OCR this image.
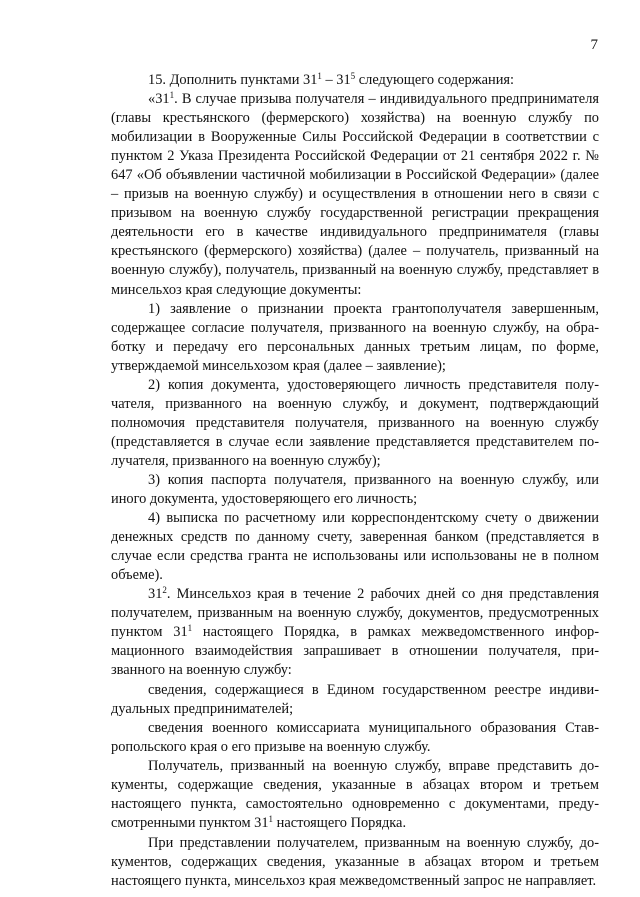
7

15. Дополнить пунктами $31^1 - 31^5$ следующего содержания:

«$31^1$. В случае призыва получателя – индивидуального предпринимателя (главы крестьянского (фермерского) хозяйства) на военную службу по мобилизации в Вооруженные Силы Российской Федерации в соответствии с пунктом 2 Указа Президента Российской Федерации от 21 сентября 2022 г. № 647 «Об объявлении частичной мобилизации в Российской Федерации» (далее – призыв на военную службу) и осуществления в отношении него в связи с призывом на военную службу государственной регистрации прекращения деятельности его в качестве индивидуального предпринимателя (главы крестьянского (фермерского) хозяйства) (далее – получатель, призванный на военную службу), получатель, призванный на военную службу, представляет в минсельхоз края следующие документы:

1) заявление о признании проекта грантополучателя завершенным, содержащее согласие получателя, призванного на военную службу, на обработку и передачу его персональных данных третьим лицам, по форме, утверждаемой минсельхозом края (далее – заявление);

2) копия документа, удостоверяющего личность представителя получателя, призванного на военную службу, и документ, подтверждающий полномочия представителя получателя, призванного на военную службу (представляется в случае если заявление представляется представителем получателя, призванного на военную службу);

3) копия паспорта получателя, призванного на военную службу, или иного документа, удостоверяющего его личность;

4) выписка по расчетному или корреспондентскому счету о движении денежных средств по данному счету, заверенная банком (представляется в случае если средства гранта не использованы или использованы не в полном объеме).

$31^2$. Минсельхоз края в течение 2 рабочих дней со дня представления получателем, призванным на военную службу, документов, предусмотренных пунктом $31^1$ настоящего Порядка, в рамках межведомственного информационного взаимодействия запрашивает в отношении получателя, призванного на военную службу:

сведения, содержащиеся в Едином государственном реестре индивидуальных предпринимателей;

сведения военного комиссариата муниципального образования Ставропольского края о его призыве на военную службу.

Получатель, призванный на военную службу, вправе представить документы, содержащие сведения, указанные в абзацах втором и третьем настоящего пункта, самостоятельно одновременно с документами, предусмотренными пунктом $31^1$ настоящего Порядка.

При представлении получателем, призванным на военную службу, документов, содержащих сведения, указанные в абзацах втором и третьем настоящего пункта, минсельхоз края межведомственный запрос не направляет.
